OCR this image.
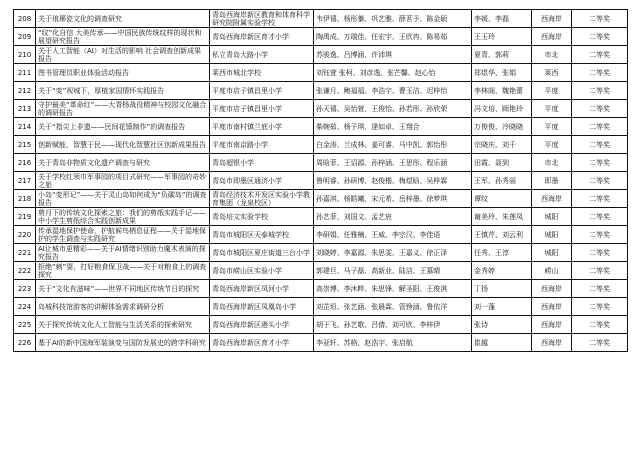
208	关于琅琊瓷文化的调查研究	青岛西海岸新区教育和体育科学研究院附属实验学校	韦伊禧、杨彤蓁、巩艺雅、薛茗予、陈金硕	李媛、李磊	西海岸	二等奖
209	“纹”化自信 大美传承——中国民族传统纹样的现状和展望研究报告	青岛西海岸新区育才小学	陶禹成、万瑞佳、任宏宇、王欣冉、陈易茹	王玉玲	西海岸	二等奖
210	关于人工智能（AI）对生活的影响 社会调查创新成果报告	私立青岛大路小学	苏骏逸、吕博涵、许沛琪	夏青、郭莉	市北	二等奖
211	图书管理员职业体验活动报告	莱西市城北学校	刘钰萱 张柯、刘彦逸、张芒馨、赵心怡	郑煜华、张娟	莱西	二等奖
212	关于“变”视城下，厚植家国情怀实践报告	平度市店子镇昌里小学	张谦月、鲍福福、李浩宇、曹玉洁、迟梓怡	李林阁、魏艳蕾	平度	二等奖
213	守护最美“革命红”——大青杨战役精神与校园文化融合的调研报告	平度市店子镇昌里小学	孙天禧、吴怡萱、王俊怡、孙若彤、孙欣荣	冯文培、顾艳玲	平度	二等奖
214	关于“指尖上非遗——民间花馍制作”的调查报告	平度市南村镇兰底小学	柴婉茹、杨子琪、逄如卓、王翔合	万俊俊、冷晓晓	平度	二等奖
215	创新赋能，智慧于民——现代化智慧社区创新成果报告	平度市南京路小学	白金涛、兰成林、姜可睿、马中凯、郭怡彤	宗晓庆、刘千	平度	二等奖
216	关于青岛非物质文化遗产调查与研究	青岛超银小学	周晗菲、王诏源、孙梓涵、王思彤、程乐涵	田霞、聂到	市北	二等奖
217	关于学校红领巾军事园的项目式研究——军事园的奇妙之旅	青岛市即墨区通济小学	鲁明睿、孙研博、赵俊楷、梅煜晗、吴梓霖	王军、孙秀丽	即墨	二等奖
218	小岛“变形记”——关于灵山岛如何成为“负碳岛”的调查报告	青岛经济技术开发区实验小学教育集团（龙泉校区）	孙嘉淇、杨皓曦、宋元希、岳梓墨、徐梦琪	谭纹	西海岸	二等奖
219	剪月下的传统文化探索之旅：我们的剪纸实践手记——中小学生剪纸综合实践创新成果	青岛培文实验学校	孙艺菲、刘国文、孟艺宸	谢美玲、朱莲凤	城阳	二等奖
220	传承湿地保护使命，护航候鸟栖息征程——关于湿地保护的学生调查与实践研究	青岛市城阳区天泰城学校	李研娟、任雅楠、王威、李宗汉、李佳语	王慎芹、刘云利	城阳	二等奖
221	AI让城市更精彩——关于AI情绪识别助力魔术表演的探究报告	青岛市城阳区夏庄街道三台小学	刘晓婷、李嘉源、朱思雯、王嘉义、徐正泽	任秀、王淳	城阳	二等奖
222	拒绝“刺”耍，打好粮食保卫战——关于对粮食上的调查探究	青岛市崂山区实验小学	郭建旦、马子磊、高新业、陆洁、王慕晴	金秀婷	崂山	二等奖
223	关于“文化有滋味”——世界不同地区传统节日的探究	青岛西海岸新区凤河小学	高崇博、李沐粹、朱思锋、解圣阳、王俊淇	丁扬	西海岸	二等奖
224	岛城科技馆游客的讲解体验需求调研分析	青岛西海岸新区凤凰岛小学	刘芷垣、张艺涵、张晨霖、管铮涵、鲁依洋	刘一蓬	西海岸	二等奖
225	关于探究传统文化人工智能与生活关系的探索研究	青岛西海岸新区港头小学	胡于飞、孙艺歌、吕倩、刘可欣、李梓伊	张诗	西海岸	二等奖
226	基于AI的新中国海军装演变与国防发展史的跨学科研究	青岛西海岸新区育才小学	李亚轩、苏格、赵浩宇、张启航	崔越	西海岸	二等奖
